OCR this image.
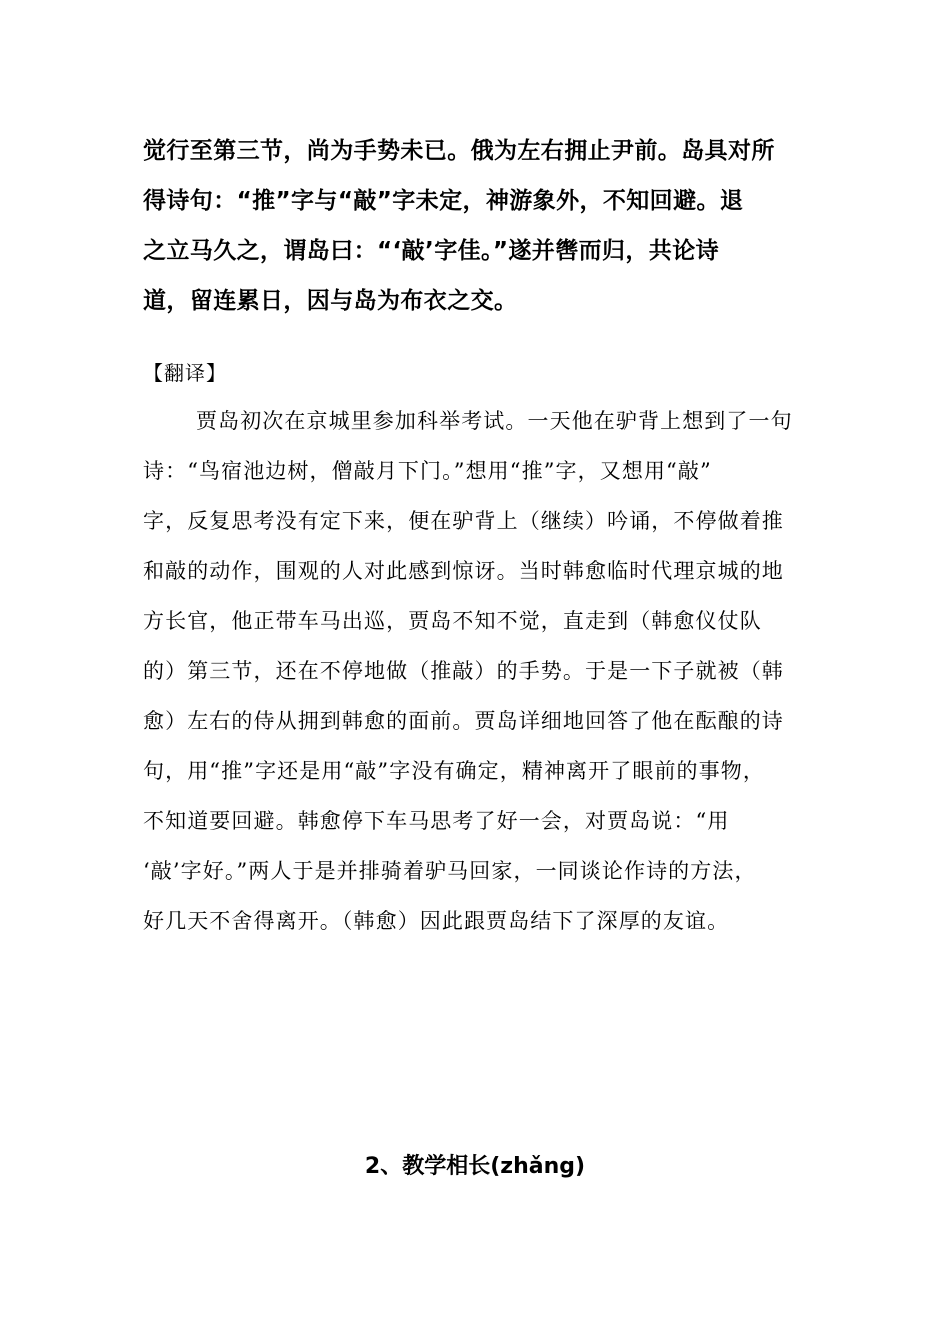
觉行至第三节，尚为手势未已。俄为左右拥止尹前。岛具对所

得诗句：“推”字与“敲”字未定，神游象外，不知回避。退

之立马久之，谓岛曰：“‘敲’字佳。”遂并辔而归，共论诗

道，留连累日，因与岛为布衣之交。

【翻译】

贾岛初次在京城里参加科举考试。一天他在驴背上想到了一句

诗：“鸟宿池边树，僧敲月下门。”想用“推”字，又想用“敲”

字，反复思考没有定下来，便在驴背上（继续）吟诵，不停做着推

和敲的动作，围观的人对此感到惊讶。当时韩愈临时代理京城的地

方长官，他正带车马出巡，贾岛不知不觉，直走到（韩愈仪仗队

的）第三节，还在不停地做（推敲）的手势。于是一下子就被（韩

愈）左右的侍从拥到韩愈的面前。贾岛详细地回答了他在酝酿的诗

句，用“推”字还是用“敲”字没有确定，精神离开了眼前的事物，

不知道要回避。韩愈停下车马思考了好一会，对贾岛说：“用

‘敲’字好。”两人于是并排骑着驴马回家，一同谈论作诗的方法，

好几天不舍得离开。（韩愈）因此跟贾岛结下了深厚的友谊。

2、教学相长(zhǎng)
